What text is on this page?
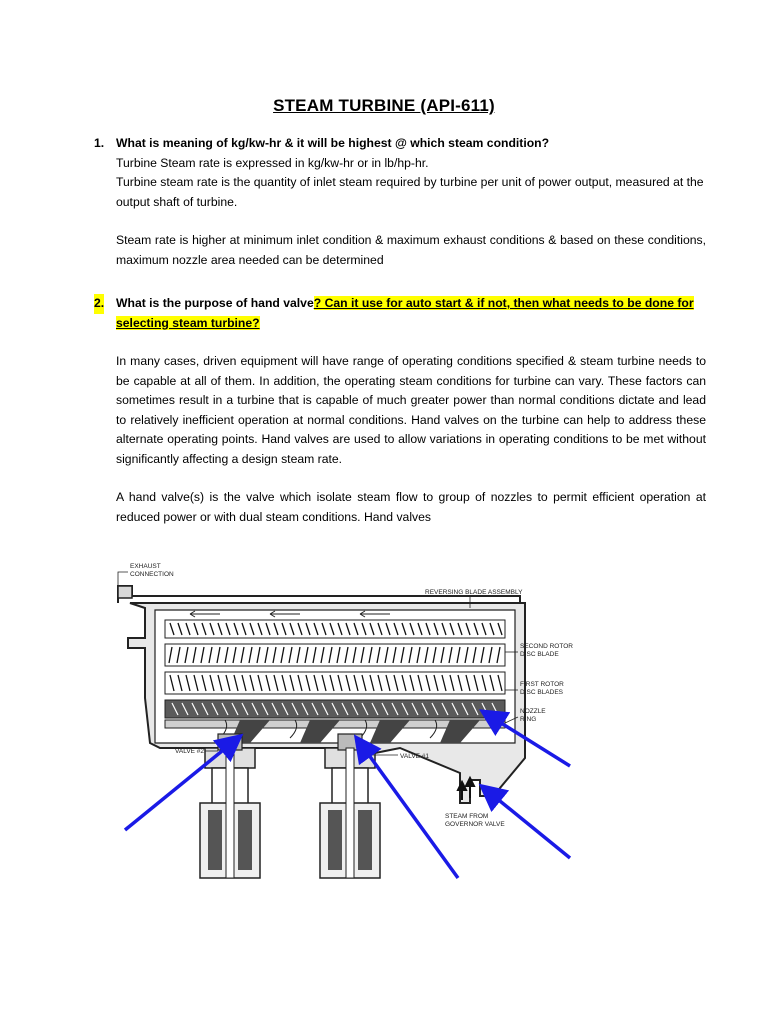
STEAM TURBINE (API-611)
1. What is meaning of kg/kw-hr & it will be highest @ which steam condition?

Turbine Steam rate is expressed in kg/kw-hr or in lb/hp-hr.

Turbine steam rate is the quantity of inlet steam required by turbine per unit of power output, measured at the output shaft of turbine.

Steam rate is higher at minimum inlet condition & maximum exhaust conditions & based on these conditions, maximum nozzle area needed can be determined

2. What is the purpose of hand valve? Can it use for auto start & if not, then what needs to be done for selecting steam turbine?

In many cases, driven equipment will have range of operating conditions specified & steam turbine needs to be capable at all of them. In addition, the operating steam conditions for turbine can vary. These factors can sometimes result in a turbine that is capable of much greater power than normal conditions dictate and lead to relatively inefficient operation at normal conditions. Hand valves on the turbine can help to address these alternate operating points. Hand valves are used to allow variations in operating conditions to be met without significantly affecting a design steam rate.

A hand valve(s) is the valve which isolate steam flow to group of nozzles to permit efficient operation at reduced power or with dual steam conditions. Hand valves

EXHAUST
CONNECTION
REVERSING BLADE ASSEMBLY
SECOND ROTOR
DISC BLADE
FIRST ROTOR
DISC BLADES
NOZZLE
RING
VALVE #2
VALVE #1
STEAM FROM
GOVERNOR VALVE
